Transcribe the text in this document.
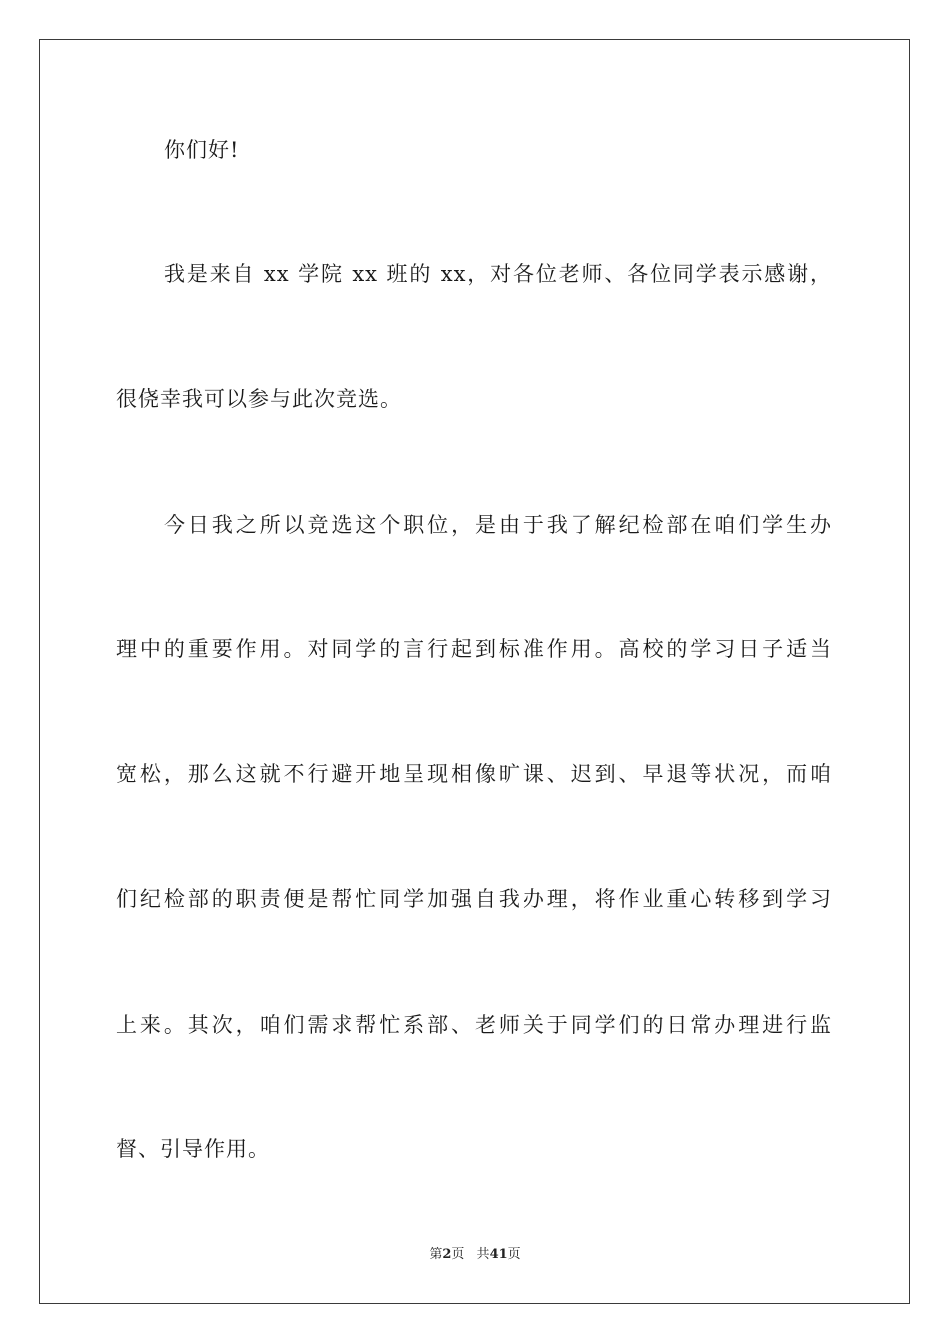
你们好!
我是来自 xx 学院 xx 班的 xx，对各位老师、各位同学表示感谢，
很侥幸我可以参与此次竞选。
今日我之所以竞选这个职位，是由于我了解纪检部在咱们学生办
理中的重要作用。对同学的言行起到标准作用。高校的学习日子适当
宽松，那么这就不行避开地呈现相像旷课、迟到、早退等状况，而咱
们纪检部的职责便是帮忙同学加强自我办理，将作业重心转移到学习
上来。其次，咱们需求帮忙系部、老师关于同学们的日常办理进行监
督、引导作用。
第2页 共41页
